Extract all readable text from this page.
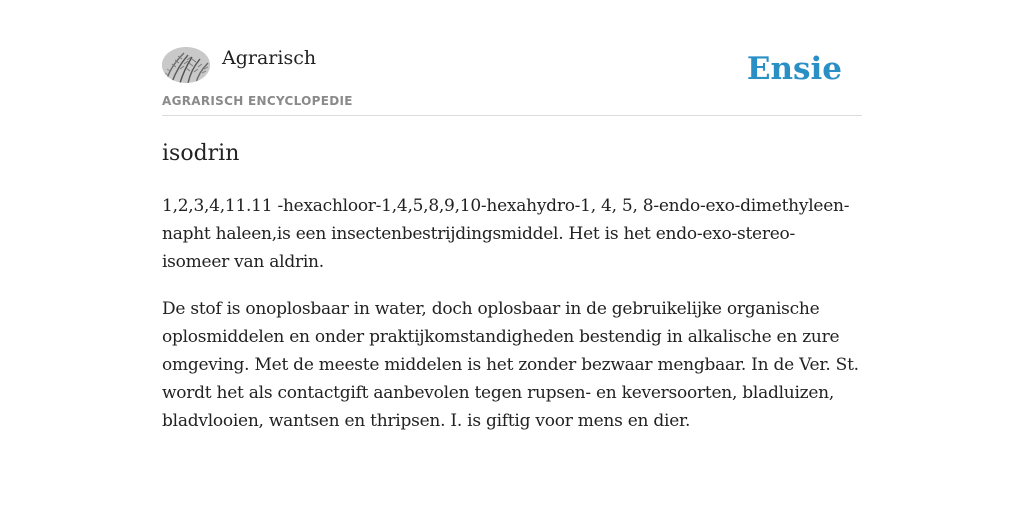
Agrarisch
AGRARISCH ENCYCLOPEDIE
Ensie
isodrin

1,2,3,4,11.11 -hexachloor-1,4,5,8,9,10-hexahydro-1, 4, 5, 8-endo-exo-dimethyleen-napht haleen,is een insectenbestrijdingsmiddel. Het is het endo-exo-stereo-isomeer van aldrin.

De stof is onoplosbaar in water, doch oplosbaar in de gebruikelijke organische oplosmiddelen en onder praktijkomstandigheden bestendig in alkalische en zure omgeving. Met de meeste middelen is het zonder bezwaar mengbaar. In de Ver. St. wordt het als contactgift aanbevolen tegen rupsen- en keversoorten, bladluizen, bladvlooien, wantsen en thripsen. I. is giftig voor mens en dier.
